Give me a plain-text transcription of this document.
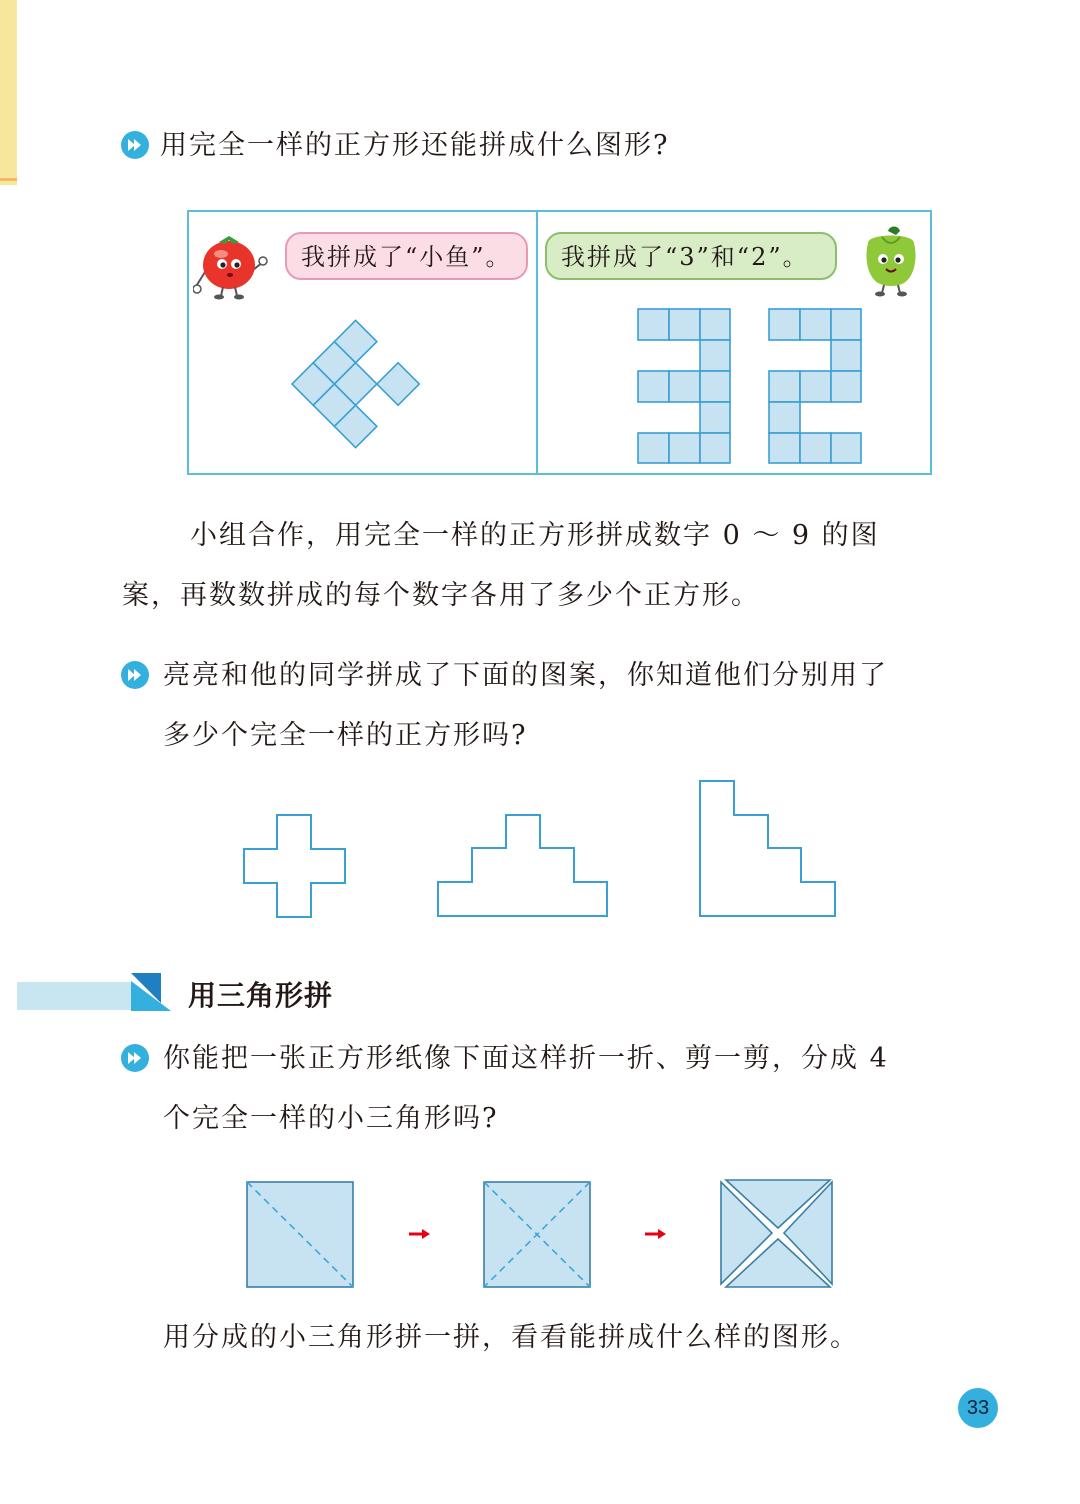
用完全一样的正方形还能拼成什么图形?
我拼成了“小鱼”。	我拼成了“3”和“2”。
小组合作，用完全一样的正方形拼成数字 0 ～ 9 的图
案，再数数拼成的每个数字各用了多少个正方形。
亮亮和他的同学拼成了下面的图案，你知道他们分别用了
多少个完全一样的正方形吗?
用三角形拼
你能把一张正方形纸像下面这样折一折、剪一剪，分成 4
个完全一样的小三角形吗?
用分成的小三角形拼一拼，看看能拼成什么样的图形。
33
